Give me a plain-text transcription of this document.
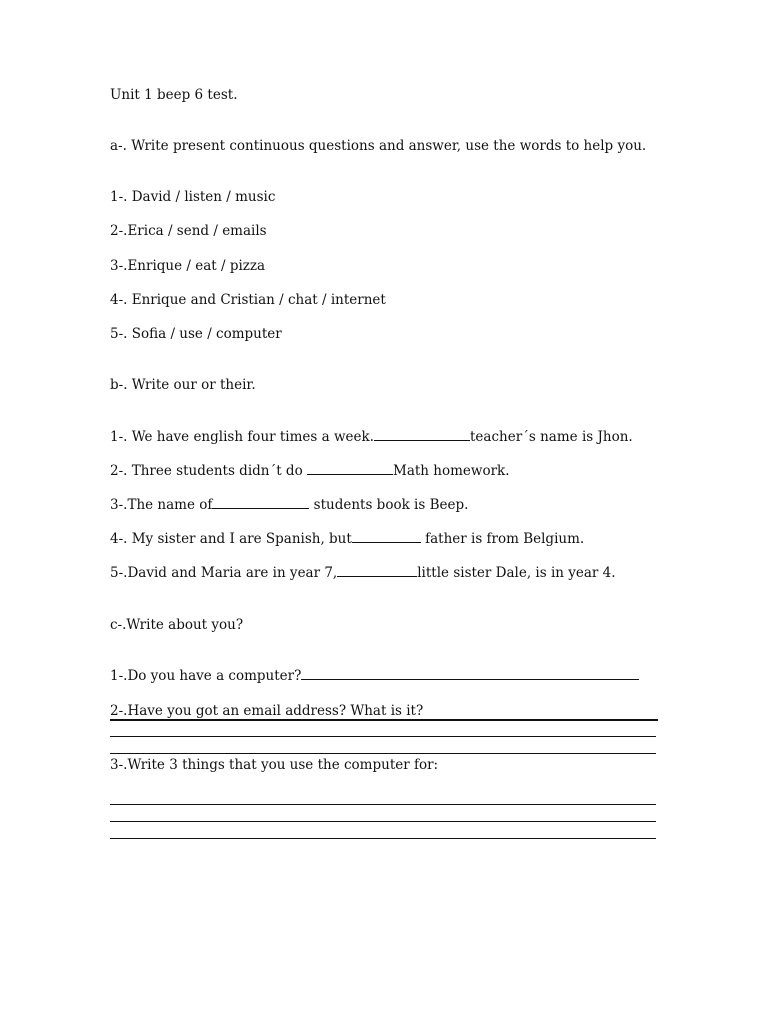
Unit 1 beep 6 test.
a-. Write present continuous questions and answer, use the words to help you.
1-. David / listen / music
2-.Erica / send / emails
3-.Enrique / eat / pizza
4-. Enrique and Cristian / chat / internet
5-. Sofia / use / computer
b-. Write our or their.
1-. We have english four times a week.	teacher´s name is Jhon.
2-. Three students didn´t do	Math homework.
3-.The name of	students book is Beep.
4-. My sister and I are Spanish, but	father is from Belgium.
5-.David and Maria are in year 7,	little sister Dale, is in year 4.
c-.Write about you?
1-.Do you have a computer?
2-.Have you got an email address? What is it?
3-.Write 3 things that you use the computer for:
